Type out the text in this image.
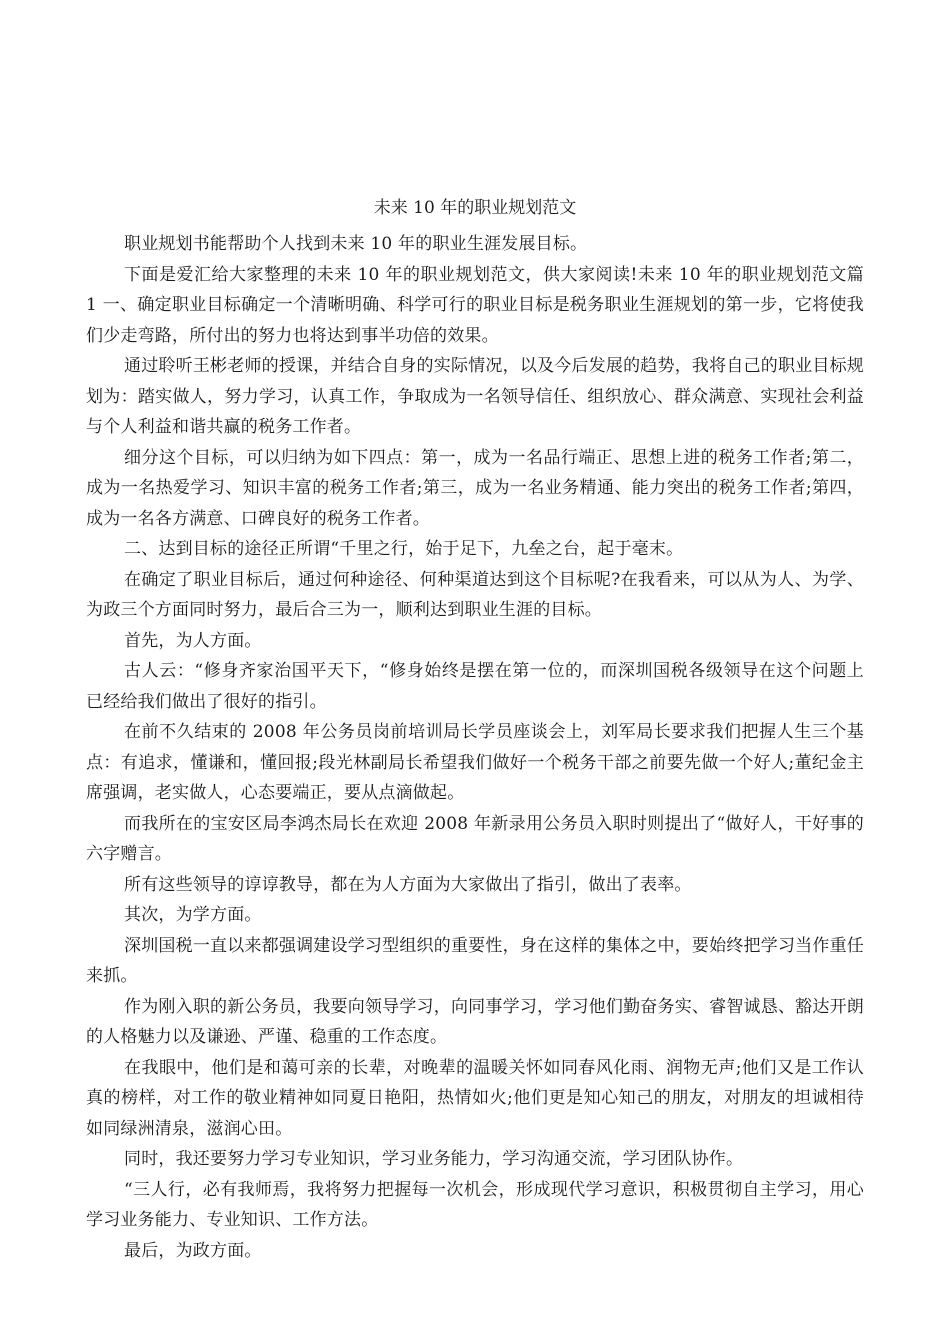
未来 10 年的职业规划范文

职业规划书能帮助个人找到未来 10 年的职业生涯发展目标。

下面是爱汇给大家整理的未来 10 年的职业规划范文，供大家阅读!未来 10 年的职业规划范文篇 1 一、确定职业目标确定一个清晰明确、科学可行的职业目标是税务职业生涯规划的第一步，它将使我们少走弯路，所付出的努力也将达到事半功倍的效果。

通过聆听王彬老师的授课，并结合自身的实际情况，以及今后发展的趋势，我将自己的职业目标规划为：踏实做人，努力学习，认真工作，争取成为一名领导信任、组织放心、群众满意、实现社会利益与个人利益和谐共赢的税务工作者。

细分这个目标，可以归纳为如下四点：第一，成为一名品行端正、思想上进的税务工作者;第二，成为一名热爱学习、知识丰富的税务工作者;第三，成为一名业务精通、能力突出的税务工作者;第四，成为一名各方满意、口碑良好的税务工作者。

二、达到目标的途径正所谓“千里之行，始于足下，九垒之台，起于毫末。

在确定了职业目标后，通过何种途径、何种渠道达到这个目标呢?在我看来，可以从为人、为学、为政三个方面同时努力，最后合三为一，顺利达到职业生涯的目标。

首先，为人方面。

古人云：“修身齐家治国平天下，“修身始终是摆在第一位的，而深圳国税各级领导在这个问题上已经给我们做出了很好的指引。

在前不久结束的 2008 年公务员岗前培训局长学员座谈会上，刘军局长要求我们把握人生三个基点：有追求，懂谦和，懂回报;段光林副局长希望我们做好一个税务干部之前要先做一个好人;董纪金主席强调，老实做人，心态要端正，要从点滴做起。

而我所在的宝安区局李鸿杰局长在欢迎 2008 年新录用公务员入职时则提出了“做好人，干好事的六字赠言。

所有这些领导的谆谆教导，都在为人方面为大家做出了指引，做出了表率。

其次，为学方面。

深圳国税一直以来都强调建设学习型组织的重要性，身在这样的集体之中，要始终把学习当作重任来抓。

作为刚入职的新公务员，我要向领导学习，向同事学习，学习他们勤奋务实、睿智诚恳、豁达开朗的人格魅力以及谦逊、严谨、稳重的工作态度。

在我眼中，他们是和蔼可亲的长辈，对晚辈的温暖关怀如同春风化雨、润物无声;他们又是工作认真的榜样，对工作的敬业精神如同夏日艳阳，热情如火;他们更是知心知己的朋友，对朋友的坦诚相待如同绿洲清泉，滋润心田。

同时，我还要努力学习专业知识，学习业务能力，学习沟通交流，学习团队协作。

“三人行，必有我师焉，我将努力把握每一次机会，形成现代学习意识，积极贯彻自主学习，用心学习业务能力、专业知识、工作方法。

最后，为政方面。
